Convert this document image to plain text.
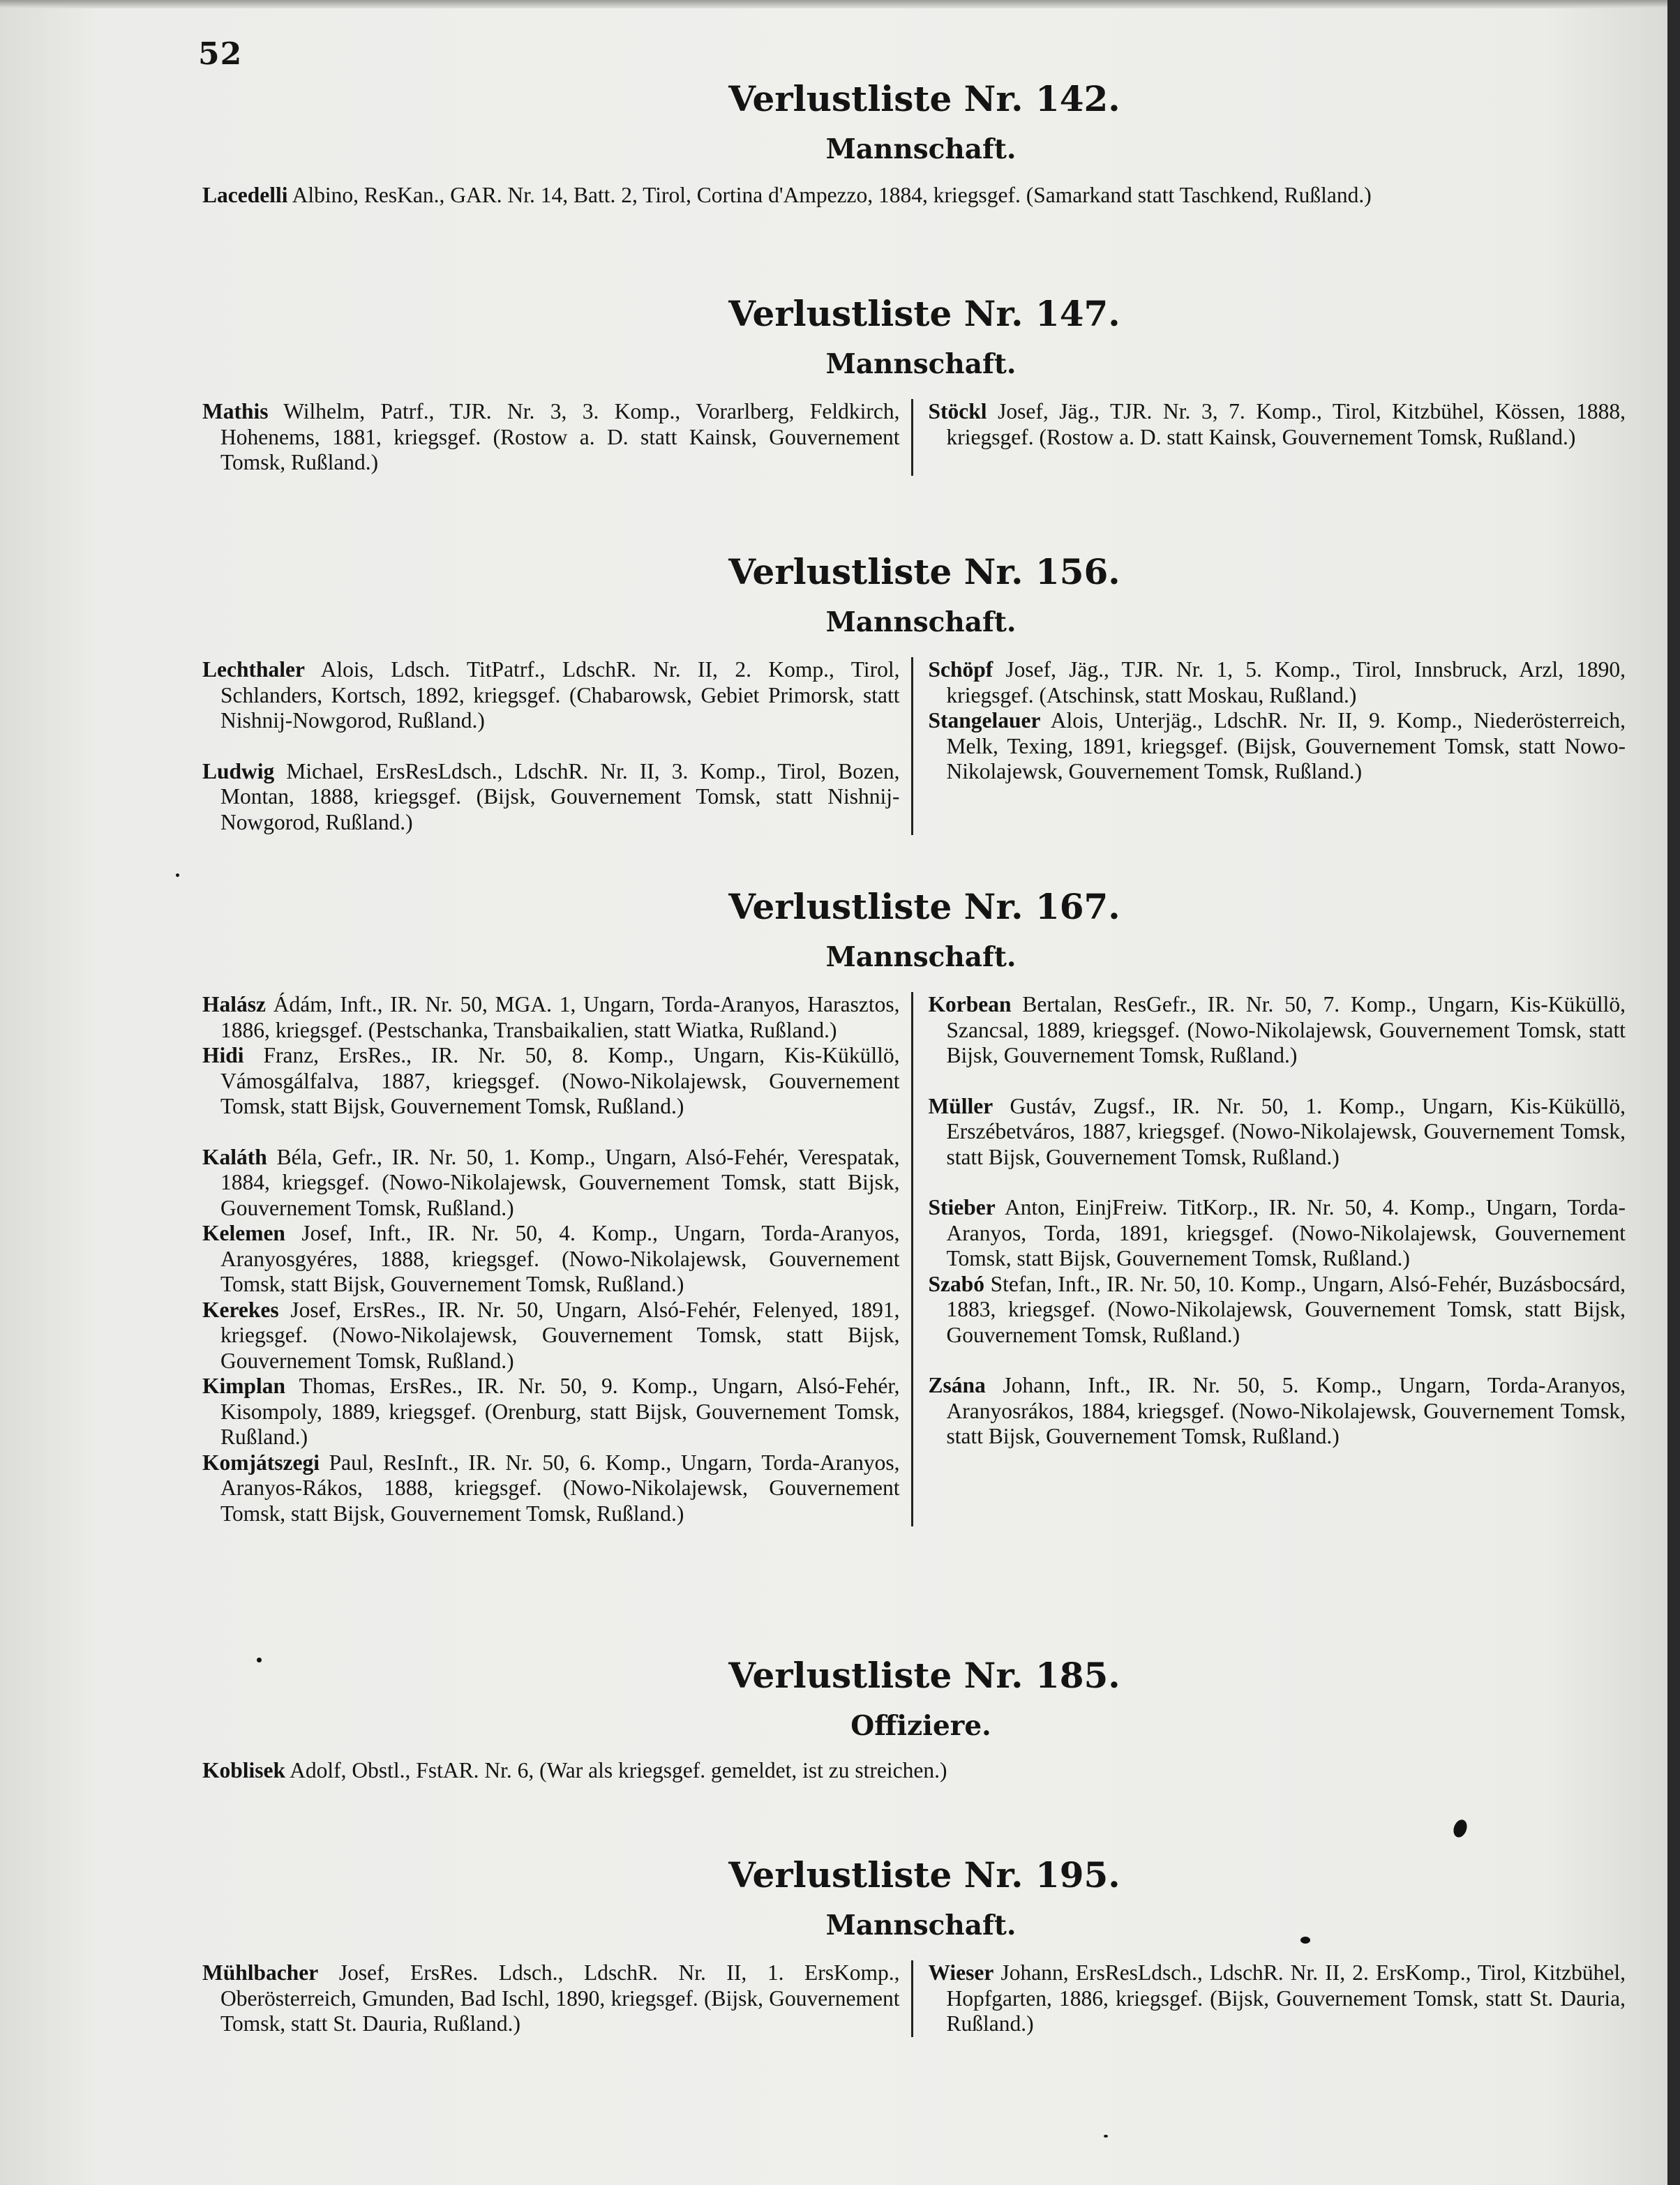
52
Verlustliste Nr. 142.
Mannschaft.

Lacedelli Albino, ResKan., GAR. Nr. 14, Batt. 2, Tirol, Cortina d'Ampezzo, 1884, kriegsgef. (Samarkand statt Taschkend, Rußland.)

Verlustliste Nr. 147.
Mannschaft.

Mathis Wilhelm, Patrf., TJR. Nr. 3, 3. Komp., Vorarlberg, Feldkirch, Hohenems, 1881, kriegsgef. (Rostow a. D. statt Kainsk, Gouvernement Tomsk, Rußland.)

Stöckl Josef, Jäg., TJR. Nr. 3, 7. Komp., Tirol, Kitzbühel, Kössen, 1888, kriegsgef. (Rostow a. D. statt Kainsk, Gouvernement Tomsk, Rußland.)

Verlustliste Nr. 156.
Mannschaft.

Lechthaler Alois, Ldsch. TitPatrf., LdschR. Nr. II, 2. Komp., Tirol, Schlanders, Kortsch, 1892, kriegsgef. (Chabarowsk, Gebiet Primorsk, statt Nishnij-Nowgorod, Rußland.)

Ludwig Michael, ErsResLdsch., LdschR. Nr. II, 3. Komp., Tirol, Bozen, Montan, 1888, kriegsgef. (Bijsk, Gouvernement Tomsk, statt Nishnij-Nowgorod, Rußland.)

Schöpf Josef, Jäg., TJR. Nr. 1, 5. Komp., Tirol, Innsbruck, Arzl, 1890, kriegsgef. (Atschinsk, statt Moskau, Rußland.)

Stangelauer Alois, Unterjäg., LdschR. Nr. II, 9. Komp., Niederösterreich, Melk, Texing, 1891, kriegsgef. (Bijsk, Gouvernement Tomsk, statt Nowo-Nikolajewsk, Gouvernement Tomsk, Rußland.)

Verlustliste Nr. 167.
Mannschaft.

Halász Ádám, Inft., IR. Nr. 50, MGA. 1, Ungarn, Torda-Aranyos, Harasztos, 1886, kriegsgef. (Pestschanka, Transbaikalien, statt Wiatka, Rußland.)

Hidi Franz, ErsRes., IR. Nr. 50, 8. Komp., Ungarn, Kis-Küküllö, Vámosgálfalva, 1887, kriegsgef. (Nowo-Nikolajewsk, Gouvernement Tomsk, statt Bijsk, Gouvernement Tomsk, Rußland.)

Kaláth Béla, Gefr., IR. Nr. 50, 1. Komp., Ungarn, Alsó-Fehér, Verespatak, 1884, kriegsgef. (Nowo-Nikolajewsk, Gouvernement Tomsk, statt Bijsk, Gouvernement Tomsk, Rußland.)

Kelemen Josef, Inft., IR. Nr. 50, 4. Komp., Ungarn, Torda-Aranyos, Aranyosgyéres, 1888, kriegsgef. (Nowo-Nikolajewsk, Gouvernement Tomsk, statt Bijsk, Gouvernement Tomsk, Rußland.)

Kerekes Josef, ErsRes., IR. Nr. 50, Ungarn, Alsó-Fehér, Felenyed, 1891, kriegsgef. (Nowo-Nikolajewsk, Gouvernement Tomsk, statt Bijsk, Gouvernement Tomsk, Rußland.)

Kimplan Thomas, ErsRes., IR. Nr. 50, 9. Komp., Ungarn, Alsó-Fehér, Kisompoly, 1889, kriegsgef. (Orenburg, statt Bijsk, Gouvernement Tomsk, Rußland.)

Komjátszegi Paul, ResInft., IR. Nr. 50, 6. Komp., Ungarn, Torda-Aranyos, Aranyos-Rákos, 1888, kriegsgef. (Nowo-Nikolajewsk, Gouvernement Tomsk, statt Bijsk, Gouvernement Tomsk, Rußland.)

Korbean Bertalan, ResGefr., IR. Nr. 50, 7. Komp., Ungarn, Kis-Küküllö, Szancsal, 1889, kriegsgef. (Nowo-Nikolajewsk, Gouvernement Tomsk, statt Bijsk, Gouvernement Tomsk, Rußland.)

Müller Gustáv, Zugsf., IR. Nr. 50, 1. Komp., Ungarn, Kis-Küküllö, Erszébetváros, 1887, kriegsgef. (Nowo-Nikolajewsk, Gouvernement Tomsk, statt Bijsk, Gouvernement Tomsk, Rußland.)

Stieber Anton, EinjFreiw. TitKorp., IR. Nr. 50, 4. Komp., Ungarn, Torda-Aranyos, Torda, 1891, kriegsgef. (Nowo-Nikolajewsk, Gouvernement Tomsk, statt Bijsk, Gouvernement Tomsk, Rußland.)

Szabó Stefan, Inft., IR. Nr. 50, 10. Komp., Ungarn, Alsó-Fehér, Buzásbocsárd, 1883, kriegsgef. (Nowo-Nikolajewsk, Gouvernement Tomsk, statt Bijsk, Gouvernement Tomsk, Rußland.)

Zsána Johann, Inft., IR. Nr. 50, 5. Komp., Ungarn, Torda-Aranyos, Aranyosrákos, 1884, kriegsgef. (Nowo-Nikolajewsk, Gouvernement Tomsk, statt Bijsk, Gouvernement Tomsk, Rußland.)

Verlustliste Nr. 185.
Offiziere.

Koblisek Adolf, Obstl., FstAR. Nr. 6, (War als kriegsgef. gemeldet, ist zu streichen.)

Verlustliste Nr. 195.
Mannschaft.

Mühlbacher Josef, ErsRes. Ldsch., LdschR. Nr. II, 1. ErsKomp., Oberösterreich, Gmunden, Bad Ischl, 1890, kriegsgef. (Bijsk, Gouvernement Tomsk, statt St. Dauria, Rußland.)

Wieser Johann, ErsResLdsch., LdschR. Nr. II, 2. ErsKomp., Tirol, Kitzbühel, Hopfgarten, 1886, kriegsgef. (Bijsk, Gouvernement Tomsk, statt St. Dauria, Rußland.)
